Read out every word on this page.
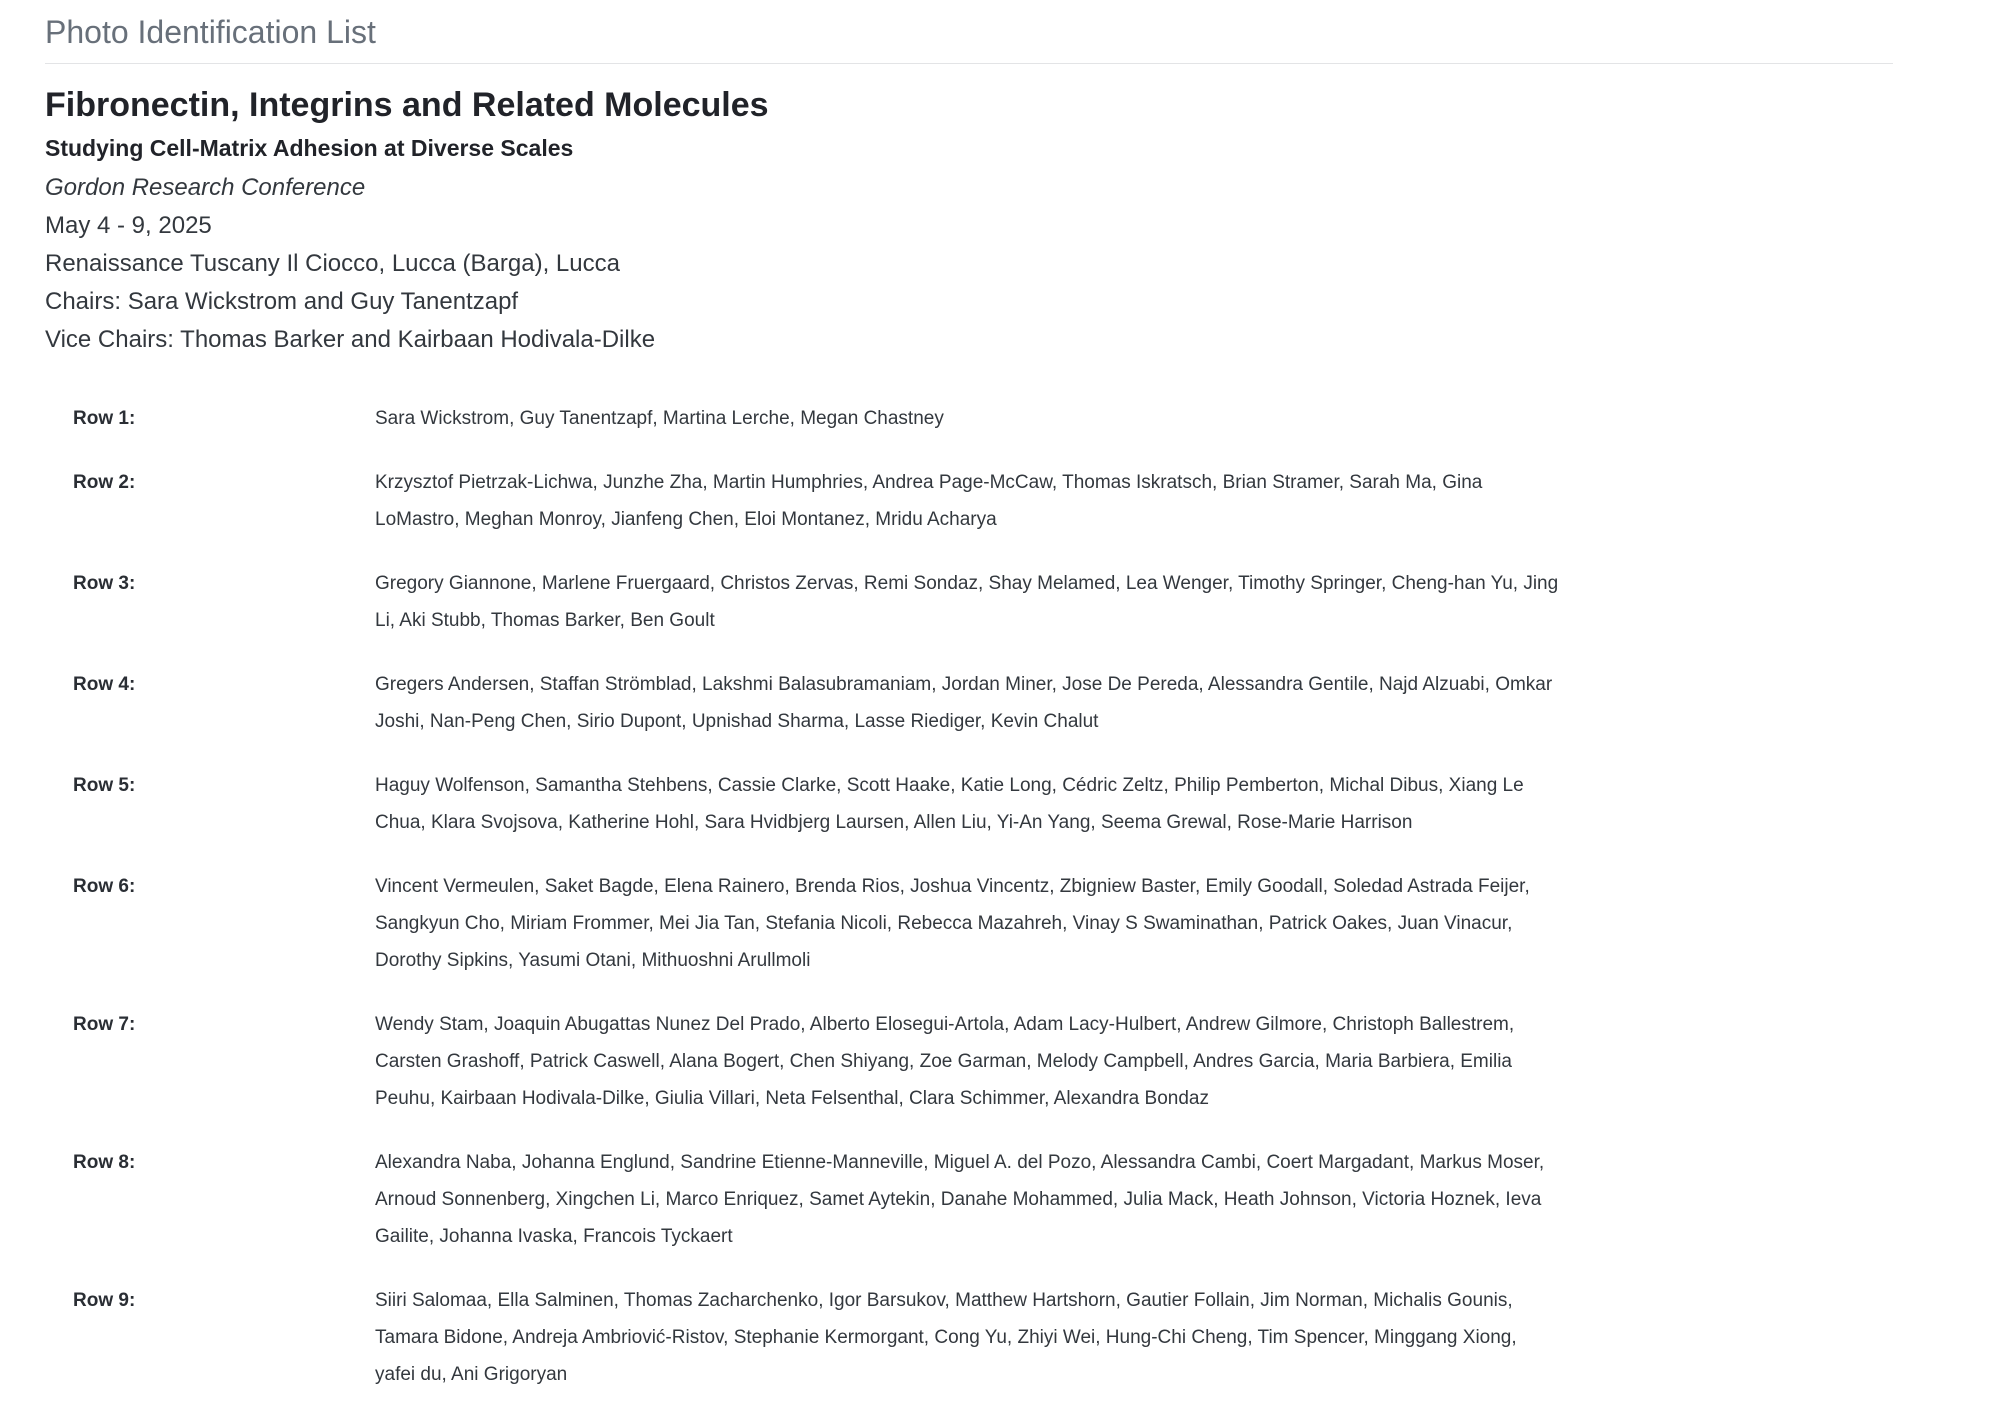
Photo Identification List
Fibronectin, Integrins and Related Molecules
Studying Cell-Matrix Adhesion at Diverse Scales
Gordon Research Conference
May 4 - 9, 2025
Renaissance Tuscany Il Ciocco, Lucca (Barga), Lucca
Chairs: Sara Wickstrom and Guy Tanentzapf
Vice Chairs: Thomas Barker and Kairbaan Hodivala-Dilke
Row 1:	Sara Wickstrom, Guy Tanentzapf, Martina Lerche, Megan Chastney
Row 2:	Krzysztof Pietrzak-Lichwa, Junzhe Zha, Martin Humphries, Andrea Page-McCaw, Thomas Iskratsch, Brian Stramer, Sarah Ma, Gina LoMastro, Meghan Monroy, Jianfeng Chen, Eloi Montanez, Mridu Acharya
Row 3:	Gregory Giannone, Marlene Fruergaard, Christos Zervas, Remi Sondaz, Shay Melamed, Lea Wenger, Timothy Springer, Cheng-han Yu, Jing Li, Aki Stubb, Thomas Barker, Ben Goult
Row 4:	Gregers Andersen, Staffan Strömblad, Lakshmi Balasubramaniam, Jordan Miner, Jose De Pereda, Alessandra Gentile, Najd Alzuabi, Omkar Joshi, Nan-Peng Chen, Sirio Dupont, Upnishad Sharma, Lasse Riediger, Kevin Chalut
Row 5:	Haguy Wolfenson, Samantha Stehbens, Cassie Clarke, Scott Haake, Katie Long, Cédric Zeltz, Philip Pemberton, Michal Dibus, Xiang Le Chua, Klara Svojsova, Katherine Hohl, Sara Hvidbjerg Laursen, Allen Liu, Yi-An Yang, Seema Grewal, Rose-Marie Harrison
Row 6:	Vincent Vermeulen, Saket Bagde, Elena Rainero, Brenda Rios, Joshua Vincentz, Zbigniew Baster, Emily Goodall, Soledad Astrada Feijer, Sangkyun Cho, Miriam Frommer, Mei Jia Tan, Stefania Nicoli, Rebecca Mazahreh, Vinay S Swaminathan, Patrick Oakes, Juan Vinacur, Dorothy Sipkins, Yasumi Otani, Mithuoshni Arullmoli
Row 7:	Wendy Stam, Joaquin Abugattas Nunez Del Prado, Alberto Elosegui-Artola, Adam Lacy-Hulbert, Andrew Gilmore, Christoph Ballestrem, Carsten Grashoff, Patrick Caswell, Alana Bogert, Chen Shiyang, Zoe Garman, Melody Campbell, Andres Garcia, Maria Barbiera, Emilia Peuhu, Kairbaan Hodivala-Dilke, Giulia Villari, Neta Felsenthal, Clara Schimmer, Alexandra Bondaz
Row 8:	Alexandra Naba, Johanna Englund, Sandrine Etienne-Manneville, Miguel A. del Pozo, Alessandra Cambi, Coert Margadant, Markus Moser, Arnoud Sonnenberg, Xingchen Li, Marco Enriquez, Samet Aytekin, Danahe Mohammed, Julia Mack, Heath Johnson, Victoria Hoznek, Ieva Gailite, Johanna Ivaska, Francois Tyckaert
Row 9:	Siiri Salomaa, Ella Salminen, Thomas Zacharchenko, Igor Barsukov, Matthew Hartshorn, Gautier Follain, Jim Norman, Michalis Gounis, Tamara Bidone, Andreja Ambriović-Ristov, Stephanie Kermorgant, Cong Yu, Zhiyi Wei, Hung-Chi Cheng, Tim Spencer, Minggang Xiong, yafei du, Ani Grigoryan
